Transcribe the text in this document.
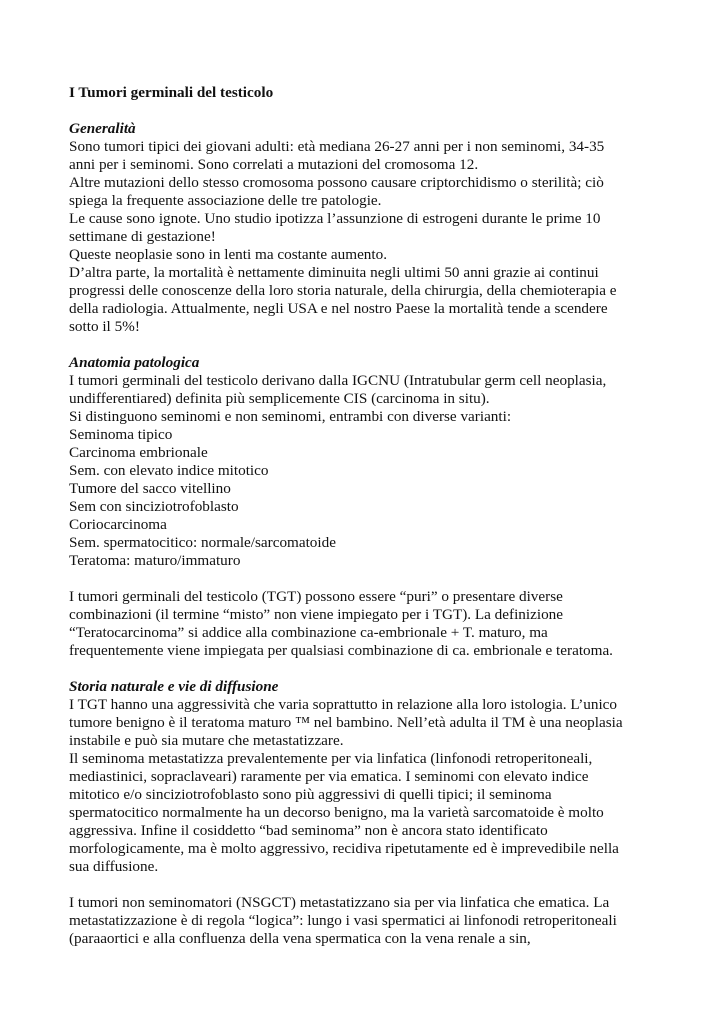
I Tumori germinali del testicolo
Generalità
Sono tumori tipici dei giovani adulti: età mediana 26-27 anni per i non seminomi, 34-35
anni per i seminomi. Sono correlati a mutazioni del cromosoma 12.
Altre mutazioni dello stesso cromosoma possono causare criptorchidismo o sterilità; ciò
spiega la frequente associazione delle tre patologie.
Le cause sono ignote. Uno studio ipotizza l’assunzione di estrogeni durante le prime 10
settimane di gestazione!
Queste neoplasie sono in lenti ma costante aumento.
D’altra parte, la mortalità è nettamente diminuita negli ultimi 50 anni grazie ai continui
progressi delle conoscenze della loro storia naturale, della chirurgia, della chemioterapia e
della radiologia. Attualmente, negli USA e nel nostro Paese la mortalità tende a scendere
sotto il 5%!
Anatomia patologica
I tumori germinali del testicolo derivano dalla IGCNU (Intratubular germ cell neoplasia,
undifferentiared) definita più semplicemente CIS (carcinoma in situ).
Si distinguono seminomi e non seminomi, entrambi con diverse varianti:
Seminoma tipico
Carcinoma embrionale
Sem. con elevato indice mitotico
Tumore del sacco vitellino
Sem con sinciziotrofoblasto
Coriocarcinoma
Sem. spermatocitico: normale/sarcomatoide
Teratoma: maturo/immaturo
I tumori germinali del testicolo (TGT) possono essere “puri” o presentare diverse
combinazioni (il termine “misto” non viene impiegato per i TGT). La definizione
“Teratocarcinoma” si addice alla combinazione ca-embrionale + T. maturo, ma
frequentemente viene impiegata per qualsiasi combinazione di ca. embrionale e teratoma.
Storia naturale e vie di diffusione
I TGT hanno una aggressività che varia soprattutto in relazione alla loro istologia. L’unico
tumore benigno è il teratoma maturo ™ nel bambino. Nell’età adulta il TM è una neoplasia
instabile e può sia mutare che metastatizzare.
Il seminoma metastatizza prevalentemente per via linfatica (linfonodi retroperitoneali,
mediastinici, sopraclaveari) raramente per via ematica. I seminomi con elevato indice
mitotico e/o sinciziotrofoblasto sono più aggressivi di quelli tipici; il seminoma
spermatocitico normalmente ha un decorso benigno, ma la varietà sarcomatoide è molto
aggressiva. Infine il cosiddetto “bad seminoma” non è ancora stato identificato
morfologicamente, ma è molto aggressivo, recidiva ripetutamente ed è imprevedibile nella
sua diffusione.
I tumori non seminomatori (NSGCT) metastatizzano sia per via linfatica che ematica. La
metastatizzazione è di regola “logica”: lungo i vasi spermatici ai linfonodi retroperitoneali
(paraaortici e alla confluenza della vena spermatica con la vena renale a sin,
